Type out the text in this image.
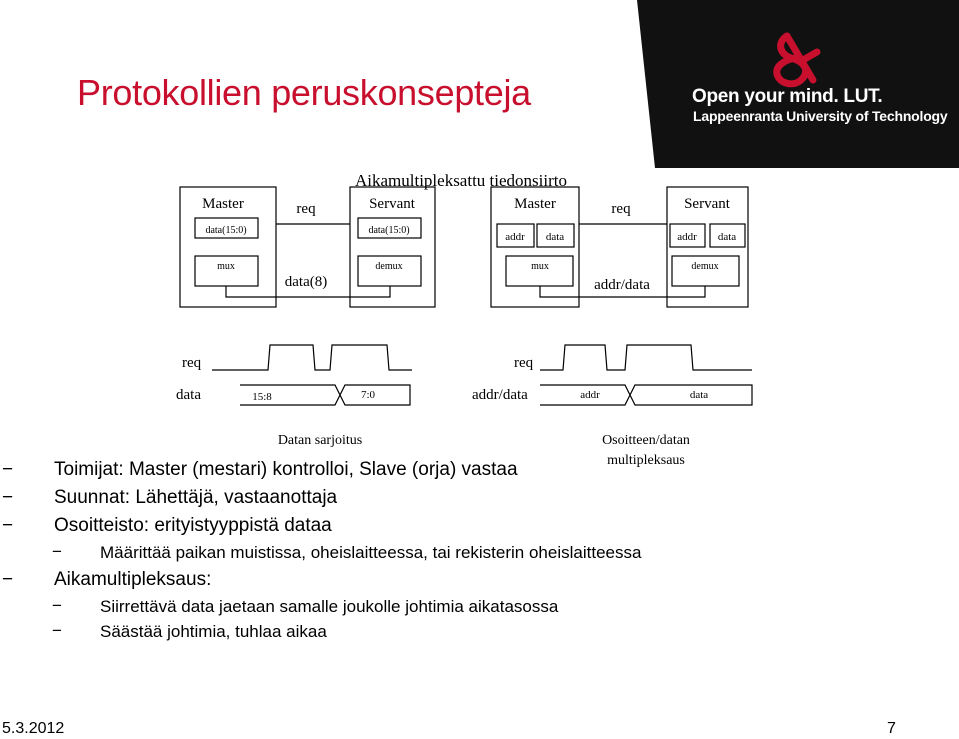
Protokollien peruskonsepteja	Open your mind. LUT.
Lappeenranta University of Technology
Aikamultipleksattu tiedonsiirto
Master
data(15:0)
mux
req
data(8)
Servant
data(15:0)
demux
Master
addr data
mux
req
addr/data
Servant
addr data
demux
req
data	15:8	7:0
Datan sarjoitus
req
addr/data	addr	data
Osoitteen/datan
multipleksaus
− Toimijat: Master (mestari) kontrolloi, Slave (orja) vastaa
− Suunnat: Lähettäjä, vastaanottaja
− Osoitteisto: erityistyyppistä dataa
− Määrittää paikan muistissa, oheislaitteessa, tai rekisterin oheislaitteessa
− Aikamultipleksaus:
− Siirrettävä data jaetaan samalle joukolle johtimia aikatasossa
− Säästää johtimia, tuhlaa aikaa
5.3.2012	7
